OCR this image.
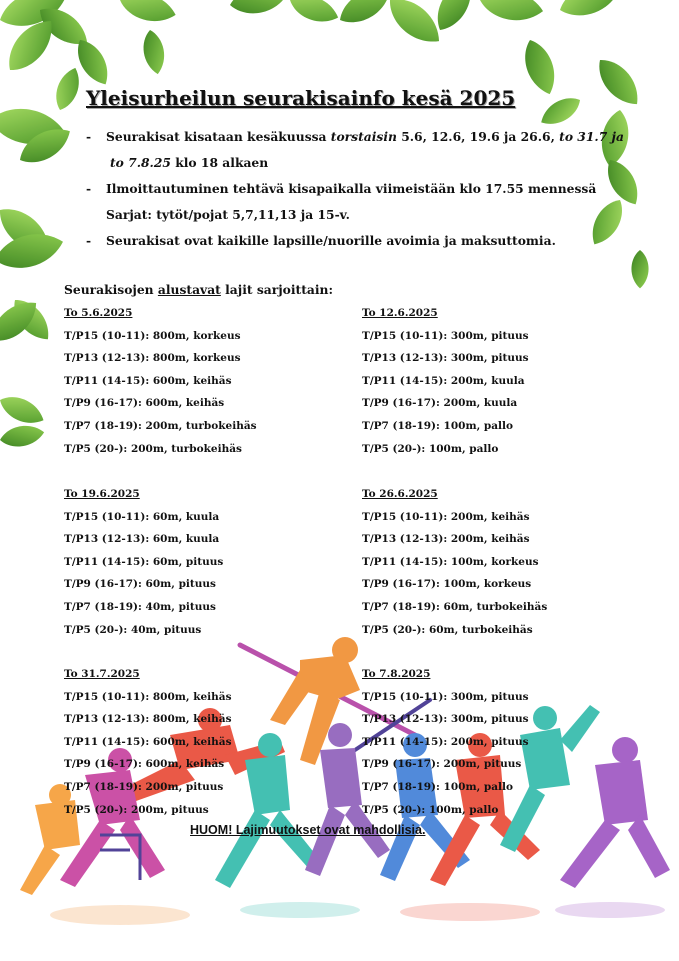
Yleisurheilun seurakisainfo kesä 2025
- Seurakisat kisataan kesäkuussa torstaisin 5.6, 12.6, 19.6 ja 26.6, to 31.7 ja
to 7.8.25 klo 18 alkaen
- Ilmoittautuminen tehtävä kisapaikalla viimeistään klo 17.55 mennessä
Sarjat: tytöt/pojat 5,7,11,13 ja 15-v.
- Seurakisat ovat kaikille lapsille/nuorille avoimia ja maksuttomia.
Seurakisojen alustavat lajit sarjoittain:
To 5.6.2025
T/P15 (10-11): 800m, korkeus
T/P13 (12-13): 800m, korkeus
T/P11 (14-15): 600m, keihäs
T/P9 (16-17): 600m, keihäs
T/P7 (18-19): 200m, turbokeihäs
T/P5 (20-): 200m, turbokeihäs
To 12.6.2025
T/P15 (10-11): 300m, pituus
T/P13 (12-13): 300m, pituus
T/P11 (14-15): 200m, kuula
T/P9 (16-17): 200m, kuula
T/P7 (18-19): 100m, pallo
T/P5 (20-): 100m, pallo
To 19.6.2025
T/P15 (10-11): 60m, kuula
T/P13 (12-13): 60m, kuula
T/P11 (14-15): 60m, pituus
T/P9 (16-17): 60m, pituus
T/P7 (18-19): 40m, pituus
T/P5 (20-): 40m, pituus
To 26.6.2025
T/P15 (10-11): 200m, keihäs
T/P13 (12-13): 200m, keihäs
T/P11 (14-15): 100m, korkeus
T/P9 (16-17): 100m, korkeus
T/P7 (18-19): 60m, turbokeihäs
T/P5 (20-): 60m, turbokeihäs
To 31.7.2025
T/P15 (10-11): 800m, keihäs
T/P13 (12-13): 800m, keihäs
T/P11 (14-15): 600m, keihäs
T/P9 (16-17): 600m, keihäs
T/P7 (18-19): 200m, pituus
T/P5 (20-): 200m, pituus
To 7.8.2025
T/P15 (10-11): 300m, pituus
T/P13 (12-13): 300m, pituus
T/P11 (14-15): 200m, pituus
T/P9 (16-17): 200m, pituus
T/P7 (18-19): 100m, pallo
T/P5 (20-): 100m, pallo
HUOM! Lajimuutokset ovat mahdollisia.
